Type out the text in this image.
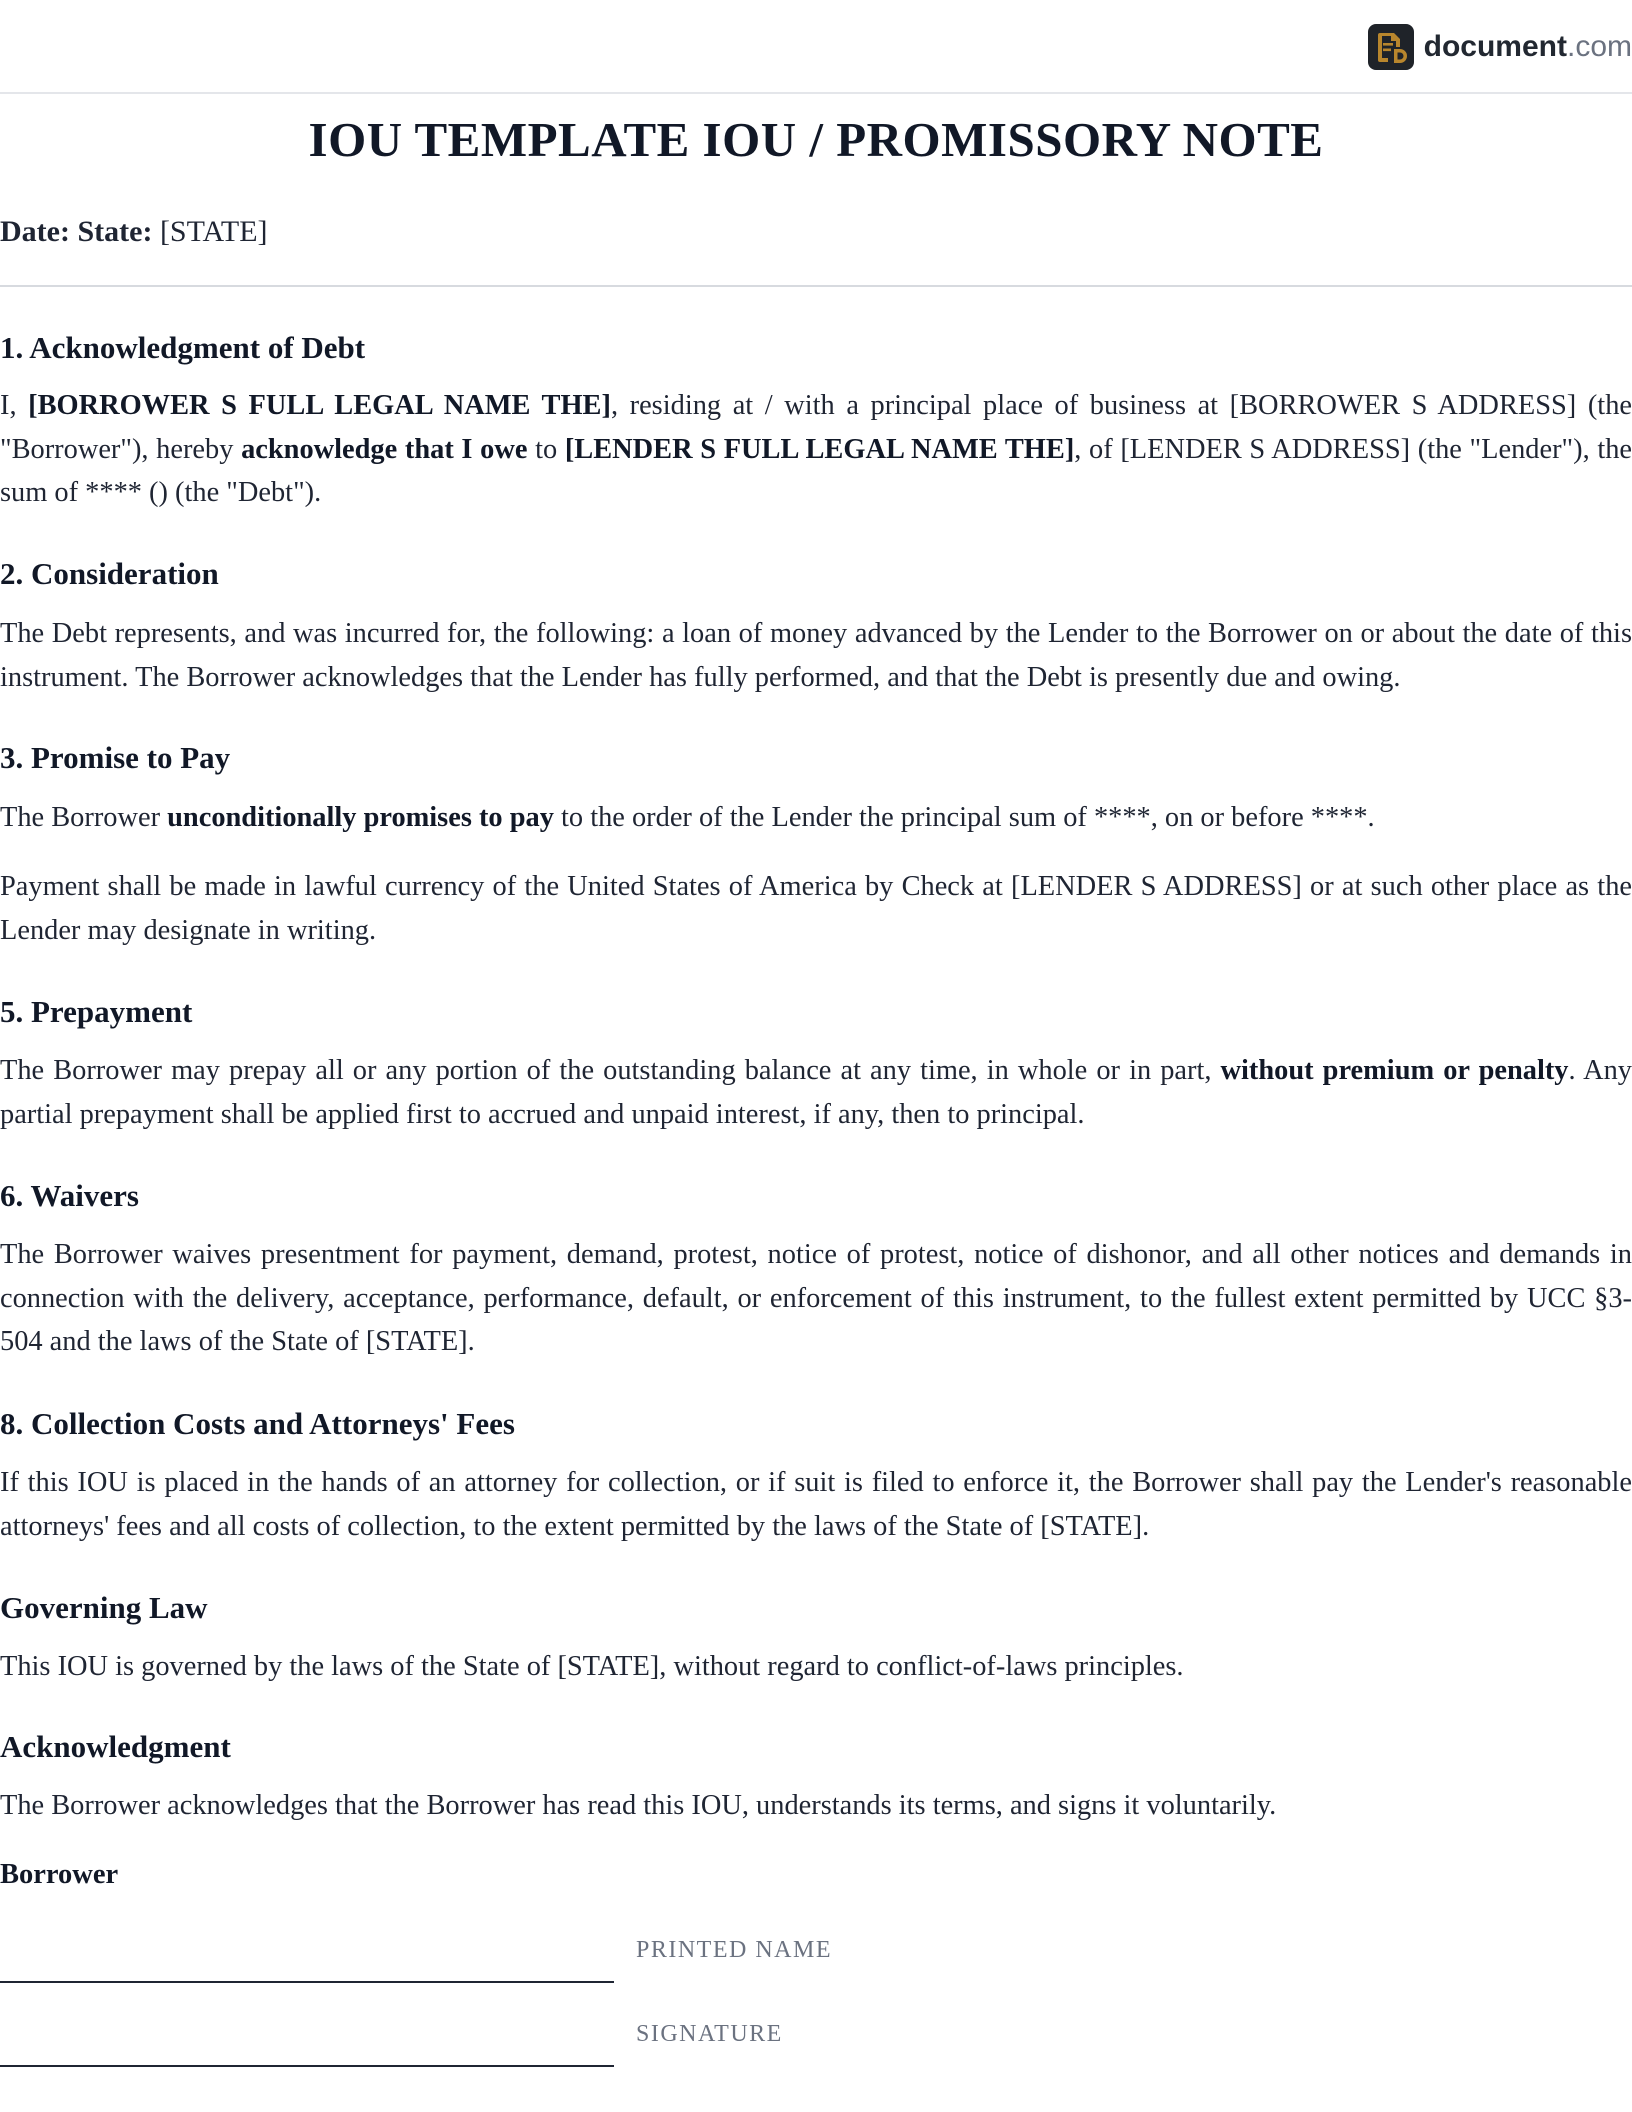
document.com
IOU TEMPLATE IOU / PROMISSORY NOTE

Date: State: [STATE]

1. Acknowledgment of Debt

I, [BORROWER S FULL LEGAL NAME THE], residing at / with a principal place of business at [BORROWER S ADDRESS] (the "Borrower"), hereby acknowledge that I owe to [LENDER S FULL LEGAL NAME THE], of [LENDER S ADDRESS] (the "Lender"), the sum of **** () (the "Debt").

2. Consideration

The Debt represents, and was incurred for, the following: a loan of money advanced by the Lender to the Borrower on or about the date of this instrument. The Borrower acknowledges that the Lender has fully performed, and that the Debt is presently due and owing.

3. Promise to Pay

The Borrower unconditionally promises to pay to the order of the Lender the principal sum of ****, on or before ****.

Payment shall be made in lawful currency of the United States of America by Check at [LENDER S ADDRESS] or at such other place as the Lender may designate in writing.

5. Prepayment

The Borrower may prepay all or any portion of the outstanding balance at any time, in whole or in part, without premium or penalty. Any partial prepayment shall be applied first to accrued and unpaid interest, if any, then to principal.

6. Waivers

The Borrower waives presentment for payment, demand, protest, notice of protest, notice of dishonor, and all other notices and demands in connection with the delivery, acceptance, performance, default, or enforcement of this instrument, to the fullest extent permitted by UCC §3-504 and the laws of the State of [STATE].

8. Collection Costs and Attorneys' Fees

If this IOU is placed in the hands of an attorney for collection, or if suit is filed to enforce it, the Borrower shall pay the Lender's reasonable attorneys' fees and all costs of collection, to the extent permitted by the laws of the State of [STATE].

Governing Law

This IOU is governed by the laws of the State of [STATE], without regard to conflict-of-laws principles.

Acknowledgment

The Borrower acknowledges that the Borrower has read this IOU, understands its terms, and signs it voluntarily.

Borrower

PRINTED NAME
SIGNATURE
